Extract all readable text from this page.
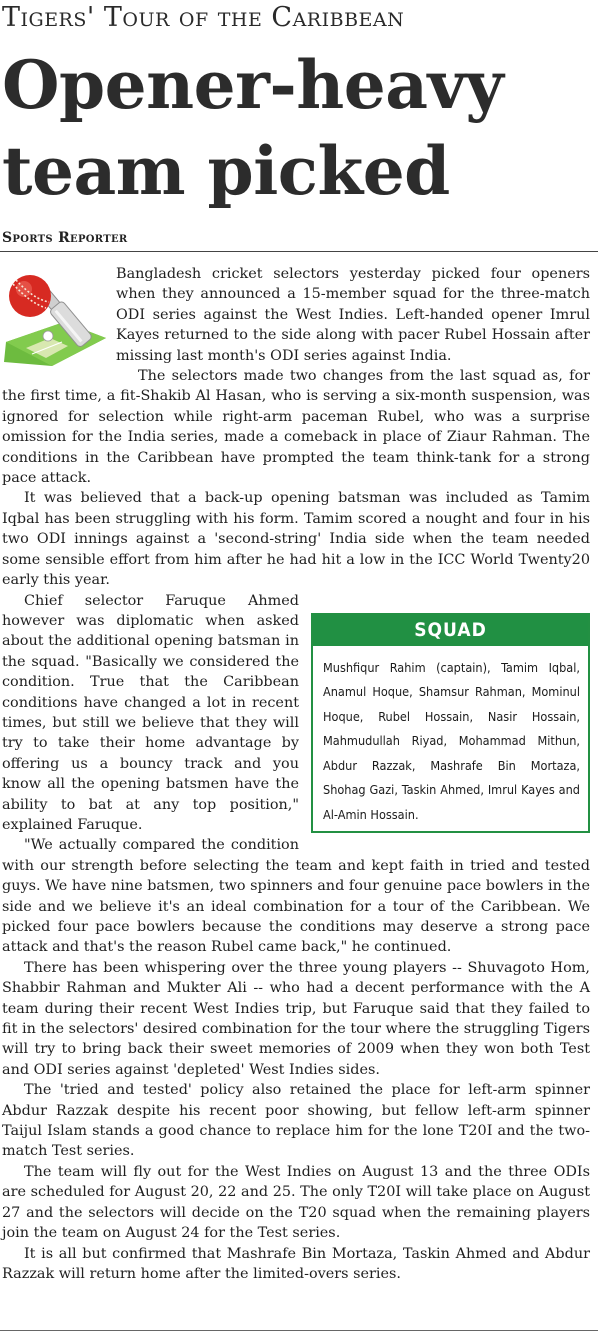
Tigers' Tour of the Caribbean
Opener-heavy
team picked
Sports Reporter

Bangladesh cricket selectors yesterday picked four openers when they announced a 15-member squad for the three-match ODI series against the West Indies. Left-handed opener Imrul Kayes returned to the side along with pacer Rubel Hossain after missing last month's ODI series against India.

The selectors made two changes from the last squad as, for the first time, a fit-Shakib Al Hasan, who is serving a six-month suspension, was ignored for selection while right-arm paceman Rubel, who was a surprise omission for the India series, made a comeback in place of Ziaur Rahman. The conditions in the Caribbean have prompted the team think-tank for a strong pace attack.

It was believed that a back-up opening batsman was included as Tamim Iqbal has been struggling with his form. Tamim scored a nought and four in his two ODI innings against a 'second-string' India side when the team needed some sensible effort from him after he had hit a low in the ICC World Twenty20 early this year.

SQUAD
Mushfiqur Rahim (captain), Tamim Iqbal, Anamul Hoque, Shamsur Rahman, Mominul Hoque, Rubel Hossain, Nasir Hossain, Mahmudullah Riyad, Mohammad Mithun, Abdur Razzak, Mashrafe Bin Mortaza, Shohag Gazi, Taskin Ahmed, Imrul Kayes and Al-Amin Hossain.

Chief selector Faruque Ahmed however was diplomatic when asked about the additional opening batsman in the squad. "Basically we considered the condition. True that the Caribbean conditions have changed a lot in recent times, but still we believe that they will try to take their home advantage by offering us a bouncy track and you know all the opening batsmen have the ability to bat at any top position," explained Faruque.

"We actually compared the condition with our strength before selecting the team and kept faith in tried and tested guys. We have nine batsmen, two spinners and four genuine pace bowlers in the side and we believe it's an ideal combination for a tour of the Caribbean. We picked four pace bowlers because the conditions may deserve a strong pace attack and that's the reason Rubel came back," he continued.

There has been whispering over the three young players -- Shuvagoto Hom, Shabbir Rahman and Mukter Ali -- who had a decent performance with the A team during their recent West Indies trip, but Faruque said that they failed to fit in the selectors' desired combination for the tour where the struggling Tigers will try to bring back their sweet memories of 2009 when they won both Test and ODI series against 'depleted' West Indies sides.

The 'tried and tested' policy also retained the place for left-arm spinner Abdur Razzak despite his recent poor showing, but fellow left-arm spinner Taijul Islam stands a good chance to replace him for the lone T20I and the two-match Test series.

The team will fly out for the West Indies on August 13 and the three ODIs are scheduled for August 20, 22 and 25. The only T20I will take place on August 27 and the selectors will decide on the T20 squad when the remaining players join the team on August 24 for the Test series.

It is all but confirmed that Mashrafe Bin Mortaza, Taskin Ahmed and Abdur Razzak will return home after the limited-overs series.
